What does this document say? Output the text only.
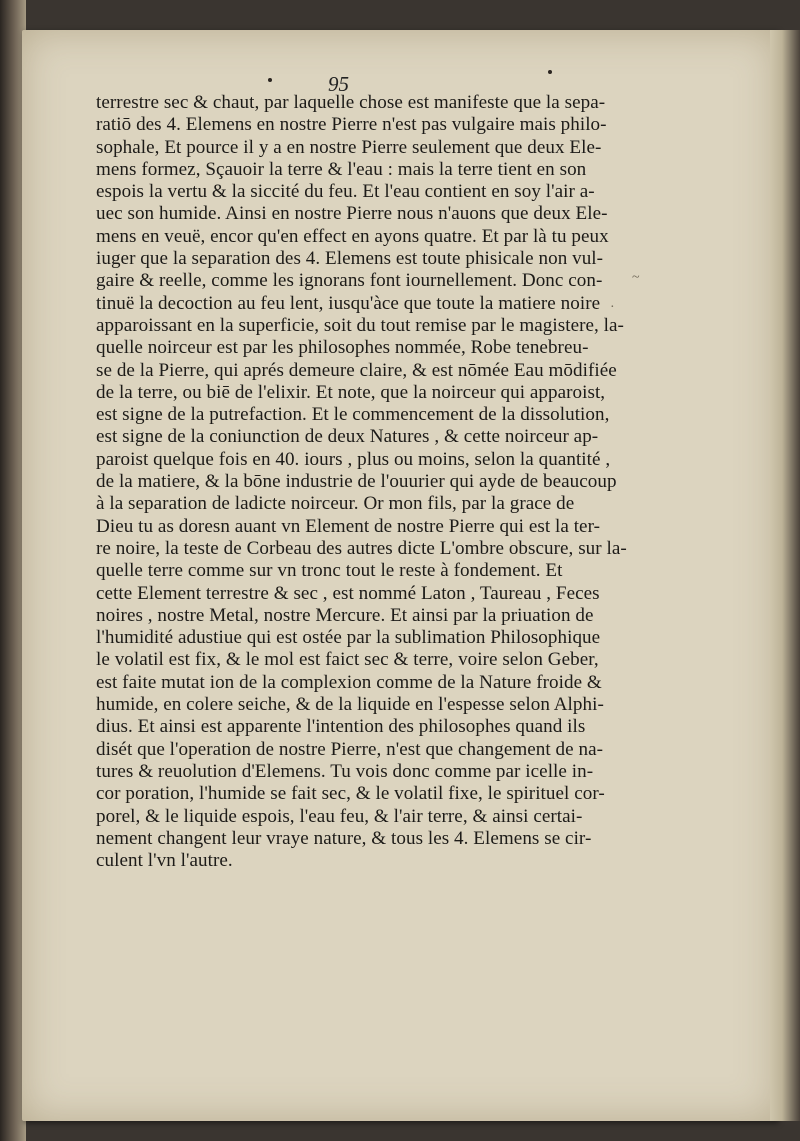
~
·
95
terrestre sec & chaut, par laquelle chose est manifeste que la sepa-
ratiō des 4. Elemens en nostre Pierre n'est pas vulgaire mais philo-
sophale, Et pource il y a en nostre Pierre seulement que deux Ele-
mens formez, Sçauoir la terre & l'eau : mais la terre tient en son
espois la vertu & la siccité du feu. Et l'eau contient en soy l'air a-
uec son humide. Ainsi en nostre Pierre nous n'auons que deux Ele-
mens en veuë, encor qu'en effect en ayons quatre. Et par là tu peux
iuger que la separation des 4. Elemens est toute phisicale non vul-
gaire & reelle, comme les ignorans font iournellement. Donc con-
tinuë la decoction au feu lent, iusqu'àce que toute la matiere noire
apparoissant en la superficie, soit du tout remise par le magistere, la-
quelle noirceur est par les philosophes nommée, Robe tenebreu-
se de la Pierre, qui aprés demeure claire, & est nōmée Eau mōdifiée
de la terre, ou biē de l'elixir. Et note, que la noirceur qui apparoist,
est signe de la putrefaction. Et le commencement de la dissolution,
est signe de la coniunction de deux Natures , & cette noirceur ap-
paroist quelque fois en 40. iours , plus ou moins, selon la quantité ,
de la matiere, & la bōne industrie de l'ouurier qui ayde de beaucoup
à la separation de ladicte noirceur. Or mon fils, par la grace de
Dieu tu as doresn auant vn Element de nostre Pierre qui est la ter-
re noire, la teste de Corbeau des autres dicte L'ombre obscure, sur la-
quelle terre comme sur vn tronc tout le reste à fondement. Et
cette Element terrestre & sec , est nommé Laton , Taureau , Feces
noires , nostre Metal, nostre Mercure. Et ainsi par la priuation de
l'humidité adustiue qui est ostée par la sublimation Philosophique
le volatil est fix, & le mol est faict sec & terre, voire selon Geber,
est faite mutat ion de la complexion comme de la Nature froide &
humide, en colere seiche, & de la liquide en l'espesse selon Alphi-
dius. Et ainsi est apparente l'intention des philosophes quand ils
disét que l'operation de nostre Pierre, n'est que changement de na-
tures & reuolution d'Elemens. Tu vois donc comme par icelle in-
cor poration, l'humide se fait sec, & le volatil fixe, le spirituel cor-
porel, & le liquide espois, l'eau feu, & l'air terre, & ainsi certai-
nement changent leur vraye nature, & tous les 4. Elemens se cir-
culent l'vn l'autre.
